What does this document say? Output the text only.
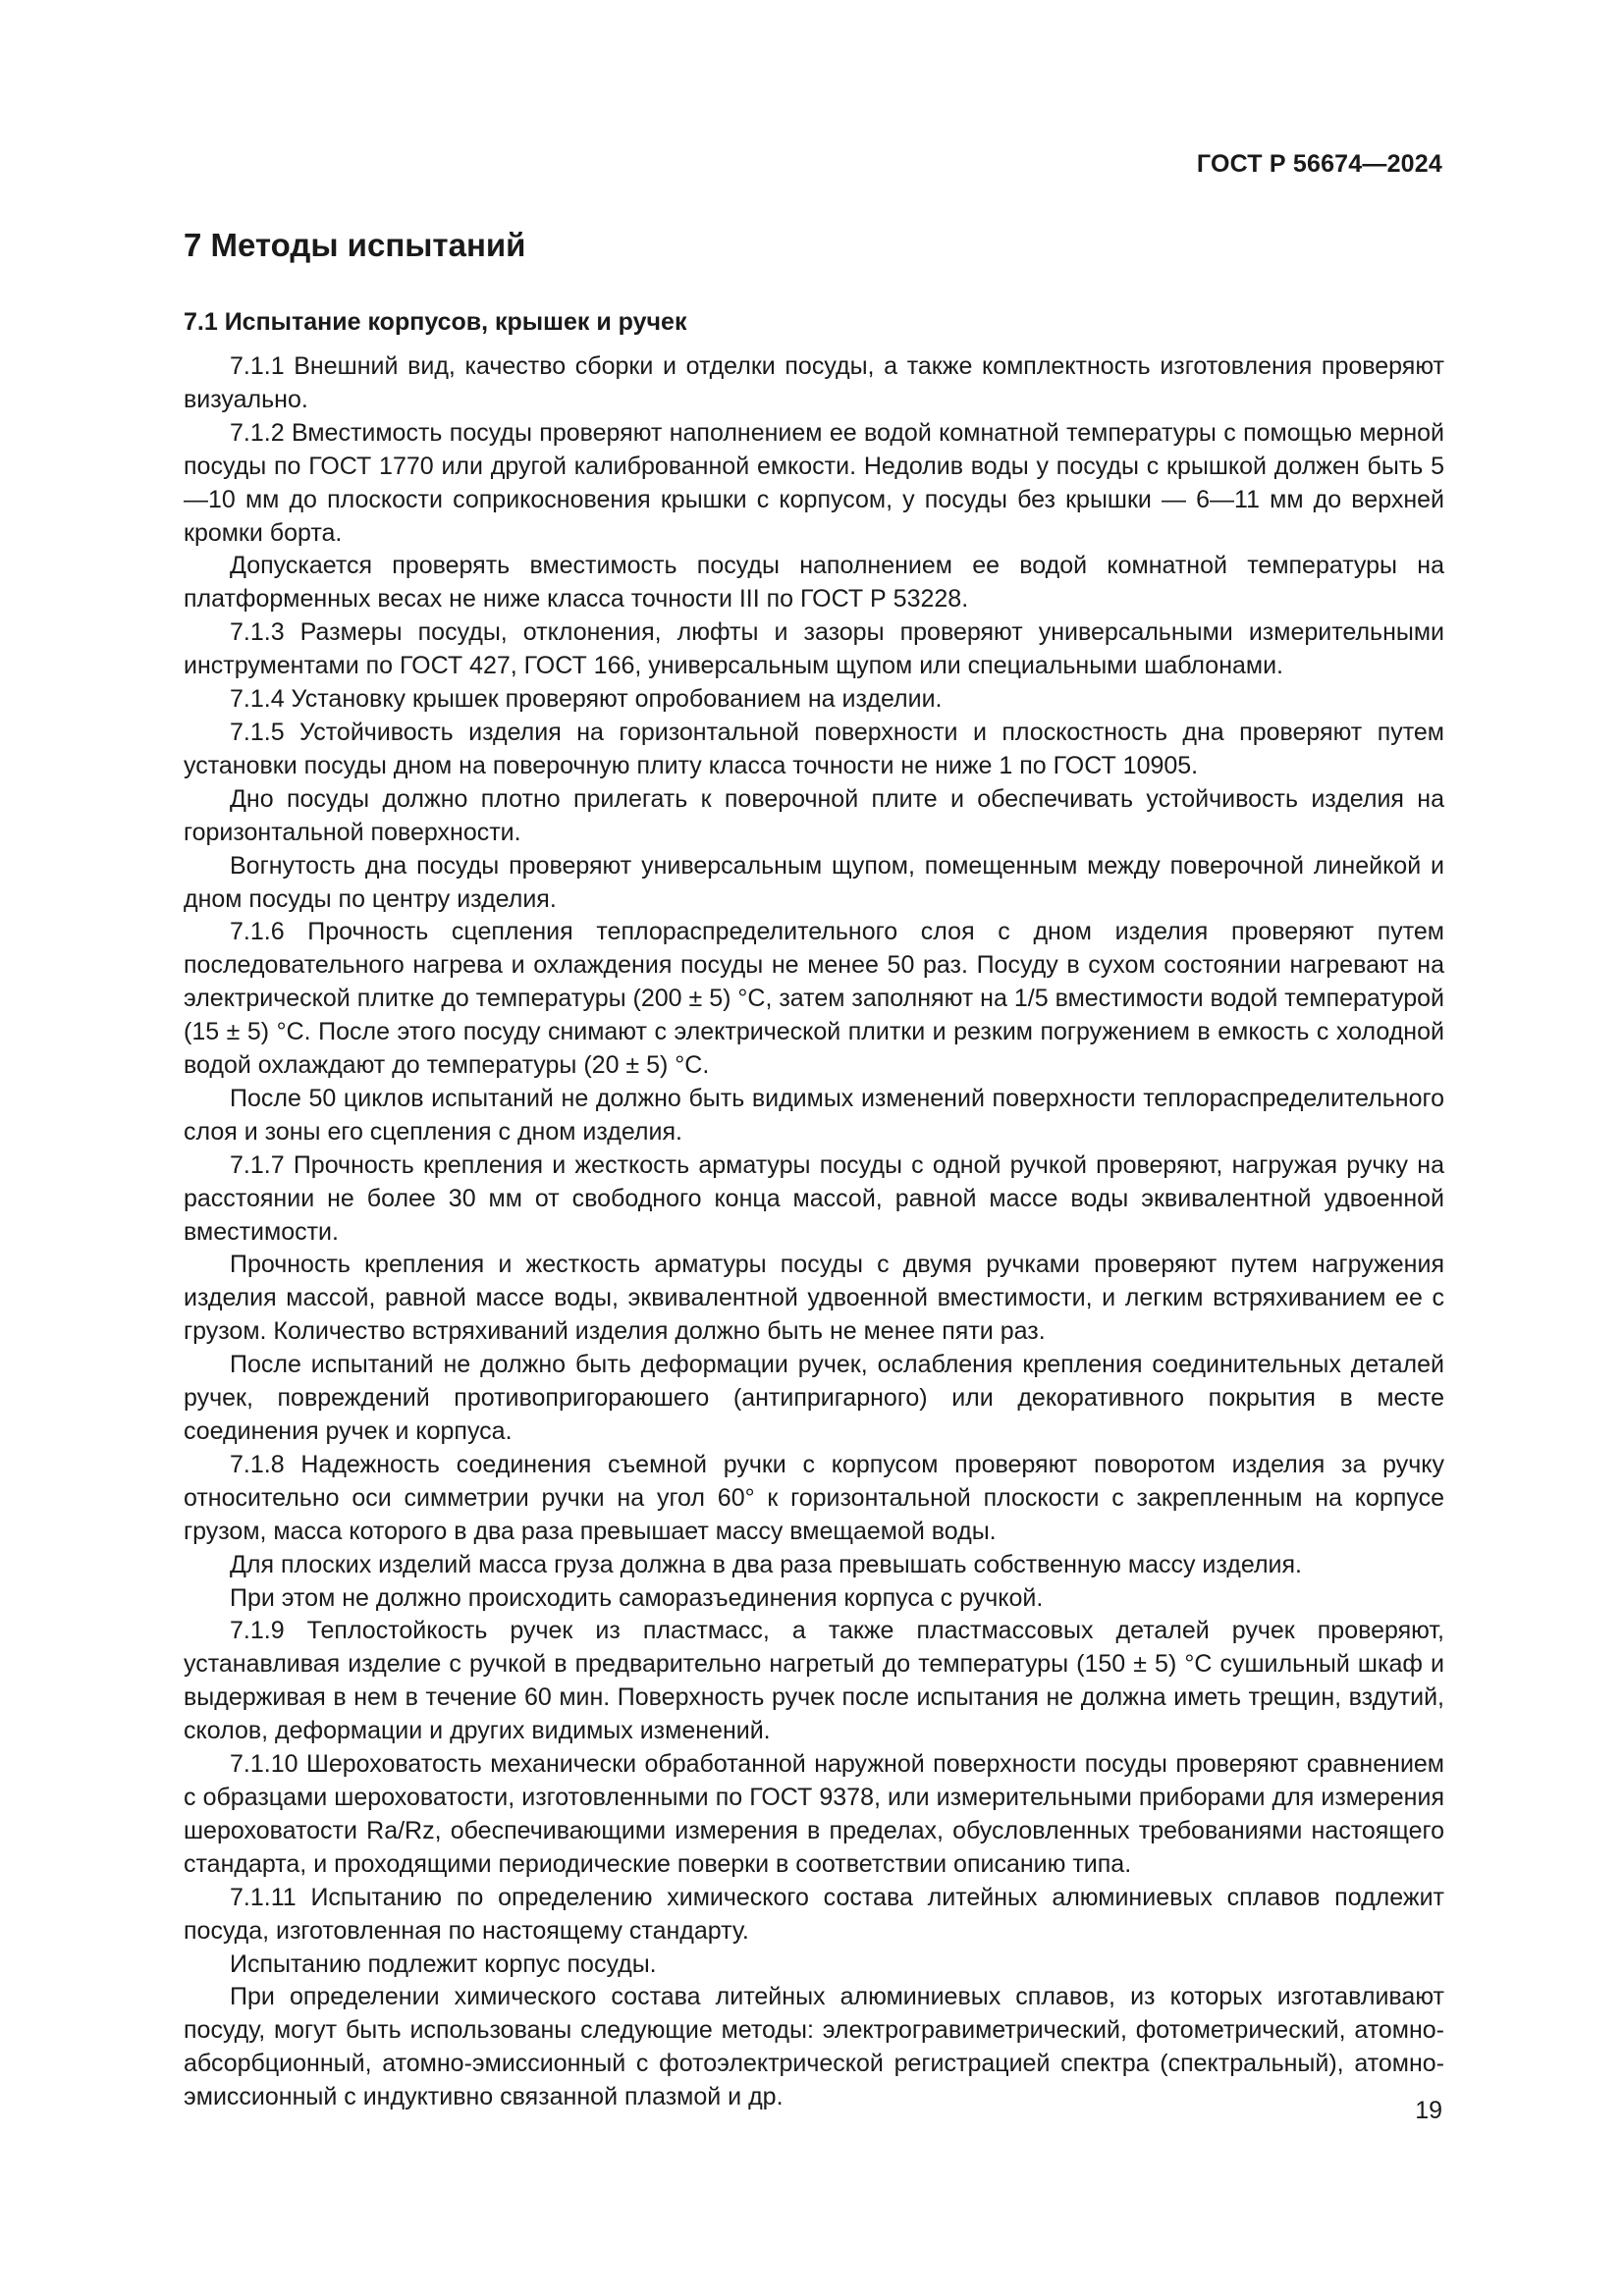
ГОСТ Р 56674—2024
7 Методы испытаний
7.1 Испытание корпусов, крышек и ручек

7.1.1 Внешний вид, качество сборки и отделки посуды, а также комплектность изготовления проверяют визуально.

7.1.2 Вместимость посуды проверяют наполнением ее водой комнатной температуры с помощью мерной посуды по ГОСТ 1770 или другой калиброванной емкости. Недолив воды у посуды с крышкой должен быть 5—10 мм до плоскости соприкосновения крышки с корпусом, у посуды без крышки — 6—11 мм до верхней кромки борта.

Допускается проверять вместимость посуды наполнением ее водой комнатной температуры на платформенных весах не ниже класса точности III по ГОСТ Р 53228.

7.1.3 Размеры посуды, отклонения, люфты и зазоры проверяют универсальными измерительными инструментами по ГОСТ 427, ГОСТ 166, универсальным щупом или специальными шаблонами.

7.1.4 Установку крышек проверяют опробованием на изделии.

7.1.5 Устойчивость изделия на горизонтальной поверхности и плоскостность дна проверяют путем установки посуды дном на поверочную плиту класса точности не ниже 1 по ГОСТ 10905.

Дно посуды должно плотно прилегать к поверочной плите и обеспечивать устойчивость изделия на горизонтальной поверхности.

Вогнутость дна посуды проверяют универсальным щупом, помещенным между поверочной линейкой и дном посуды по центру изделия.

7.1.6 Прочность сцепления теплораспределительного слоя с дном изделия проверяют путем последовательного нагрева и охлаждения посуды не менее 50 раз. Посуду в сухом состоянии нагревают на электрической плитке до температуры (200 ± 5) °С, затем заполняют на 1/5 вместимости водой температурой (15 ± 5) °С. После этого посуду снимают с электрической плитки и резким погружением в емкость с холодной водой охлаждают до температуры (20 ± 5) °С.

После 50 циклов испытаний не должно быть видимых изменений поверхности теплораспределительного слоя и зоны его сцепления с дном изделия.

7.1.7 Прочность крепления и жесткость арматуры посуды с одной ручкой проверяют, нагружая ручку на расстоянии не более 30 мм от свободного конца массой, равной массе воды эквивалентной удвоенной вместимости.

Прочность крепления и жесткость арматуры посуды с двумя ручками проверяют путем нагружения изделия массой, равной массе воды, эквивалентной удвоенной вместимости, и легким встряхиванием ее с грузом. Количество встряхиваний изделия должно быть не менее пяти раз.

После испытаний не должно быть деформации ручек, ослабления крепления соединительных деталей ручек, повреждений противопригораюшего (антипригарного) или декоративного покрытия в месте соединения ручек и корпуса.

7.1.8 Надежность соединения съемной ручки с корпусом проверяют поворотом изделия за ручку относительно оси симметрии ручки на угол 60° к горизонтальной плоскости с закрепленным на корпусе грузом, масса которого в два раза превышает массу вмещаемой воды.

Для плоских изделий масса груза должна в два раза превышать собственную массу изделия.

При этом не должно происходить саморазъединения корпуса с ручкой.

7.1.9 Теплостойкость ручек из пластмасс, а также пластмассовых деталей ручек проверяют, устанавливая изделие с ручкой в предварительно нагретый до температуры (150 ± 5) °С сушильный шкаф и выдерживая в нем в течение 60 мин. Поверхность ручек после испытания не должна иметь трещин, вздутий, сколов, деформации и других видимых изменений.

7.1.10 Шероховатость механически обработанной наружной поверхности посуды проверяют сравнением с образцами шероховатости, изготовленными по ГОСТ 9378, или измерительными приборами для измерения шероховатости Ra/Rz, обеспечивающими измерения в пределах, обусловленных требованиями настоящего стандарта, и проходящими периодические поверки в соответствии описанию типа.

7.1.11 Испытанию по определению химического состава литейных алюминиевых сплавов подлежит посуда, изготовленная по настоящему стандарту.

Испытанию подлежит корпус посуды.

При определении химического состава литейных алюминиевых сплавов, из которых изготавливают посуду, могут быть использованы следующие методы: электрогравиметрический, фотометрический, атомно-абсорбционный, атомно-эмиссионный с фотоэлектрической регистрацией спектра (спектральный), атомно-эмиссионный с индуктивно связанной плазмой и др.	19
